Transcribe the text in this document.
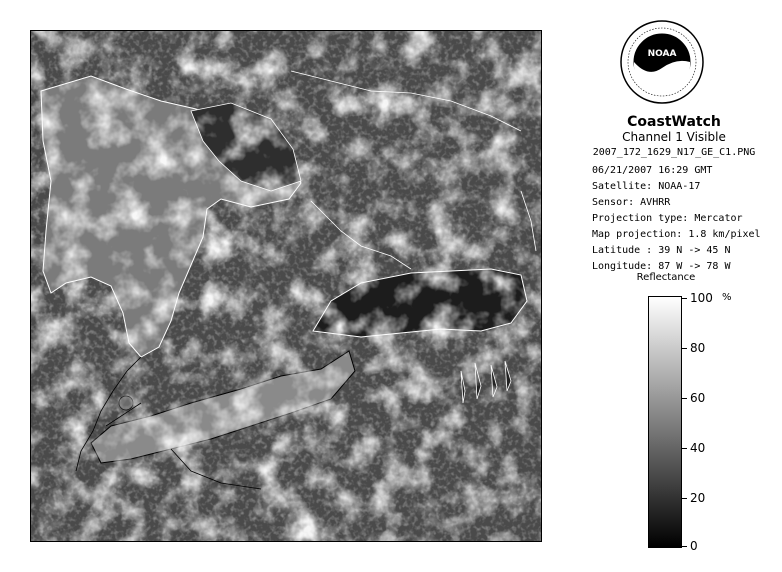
NOAA
CoastWatch
Channel 1 Visible
2007_172_1629_N17_GE_C1.PNG
06/21/2007 16:29 GMT
Satellite: NOAA-17
Sensor: AVHRR
Projection type: Mercator
Map projection: 1.8 km/pixel
Latitude : 39 N -> 45 N
Longitude: 87 W -> 78 W
Reflectance
%
100
80
60
40
20
0
